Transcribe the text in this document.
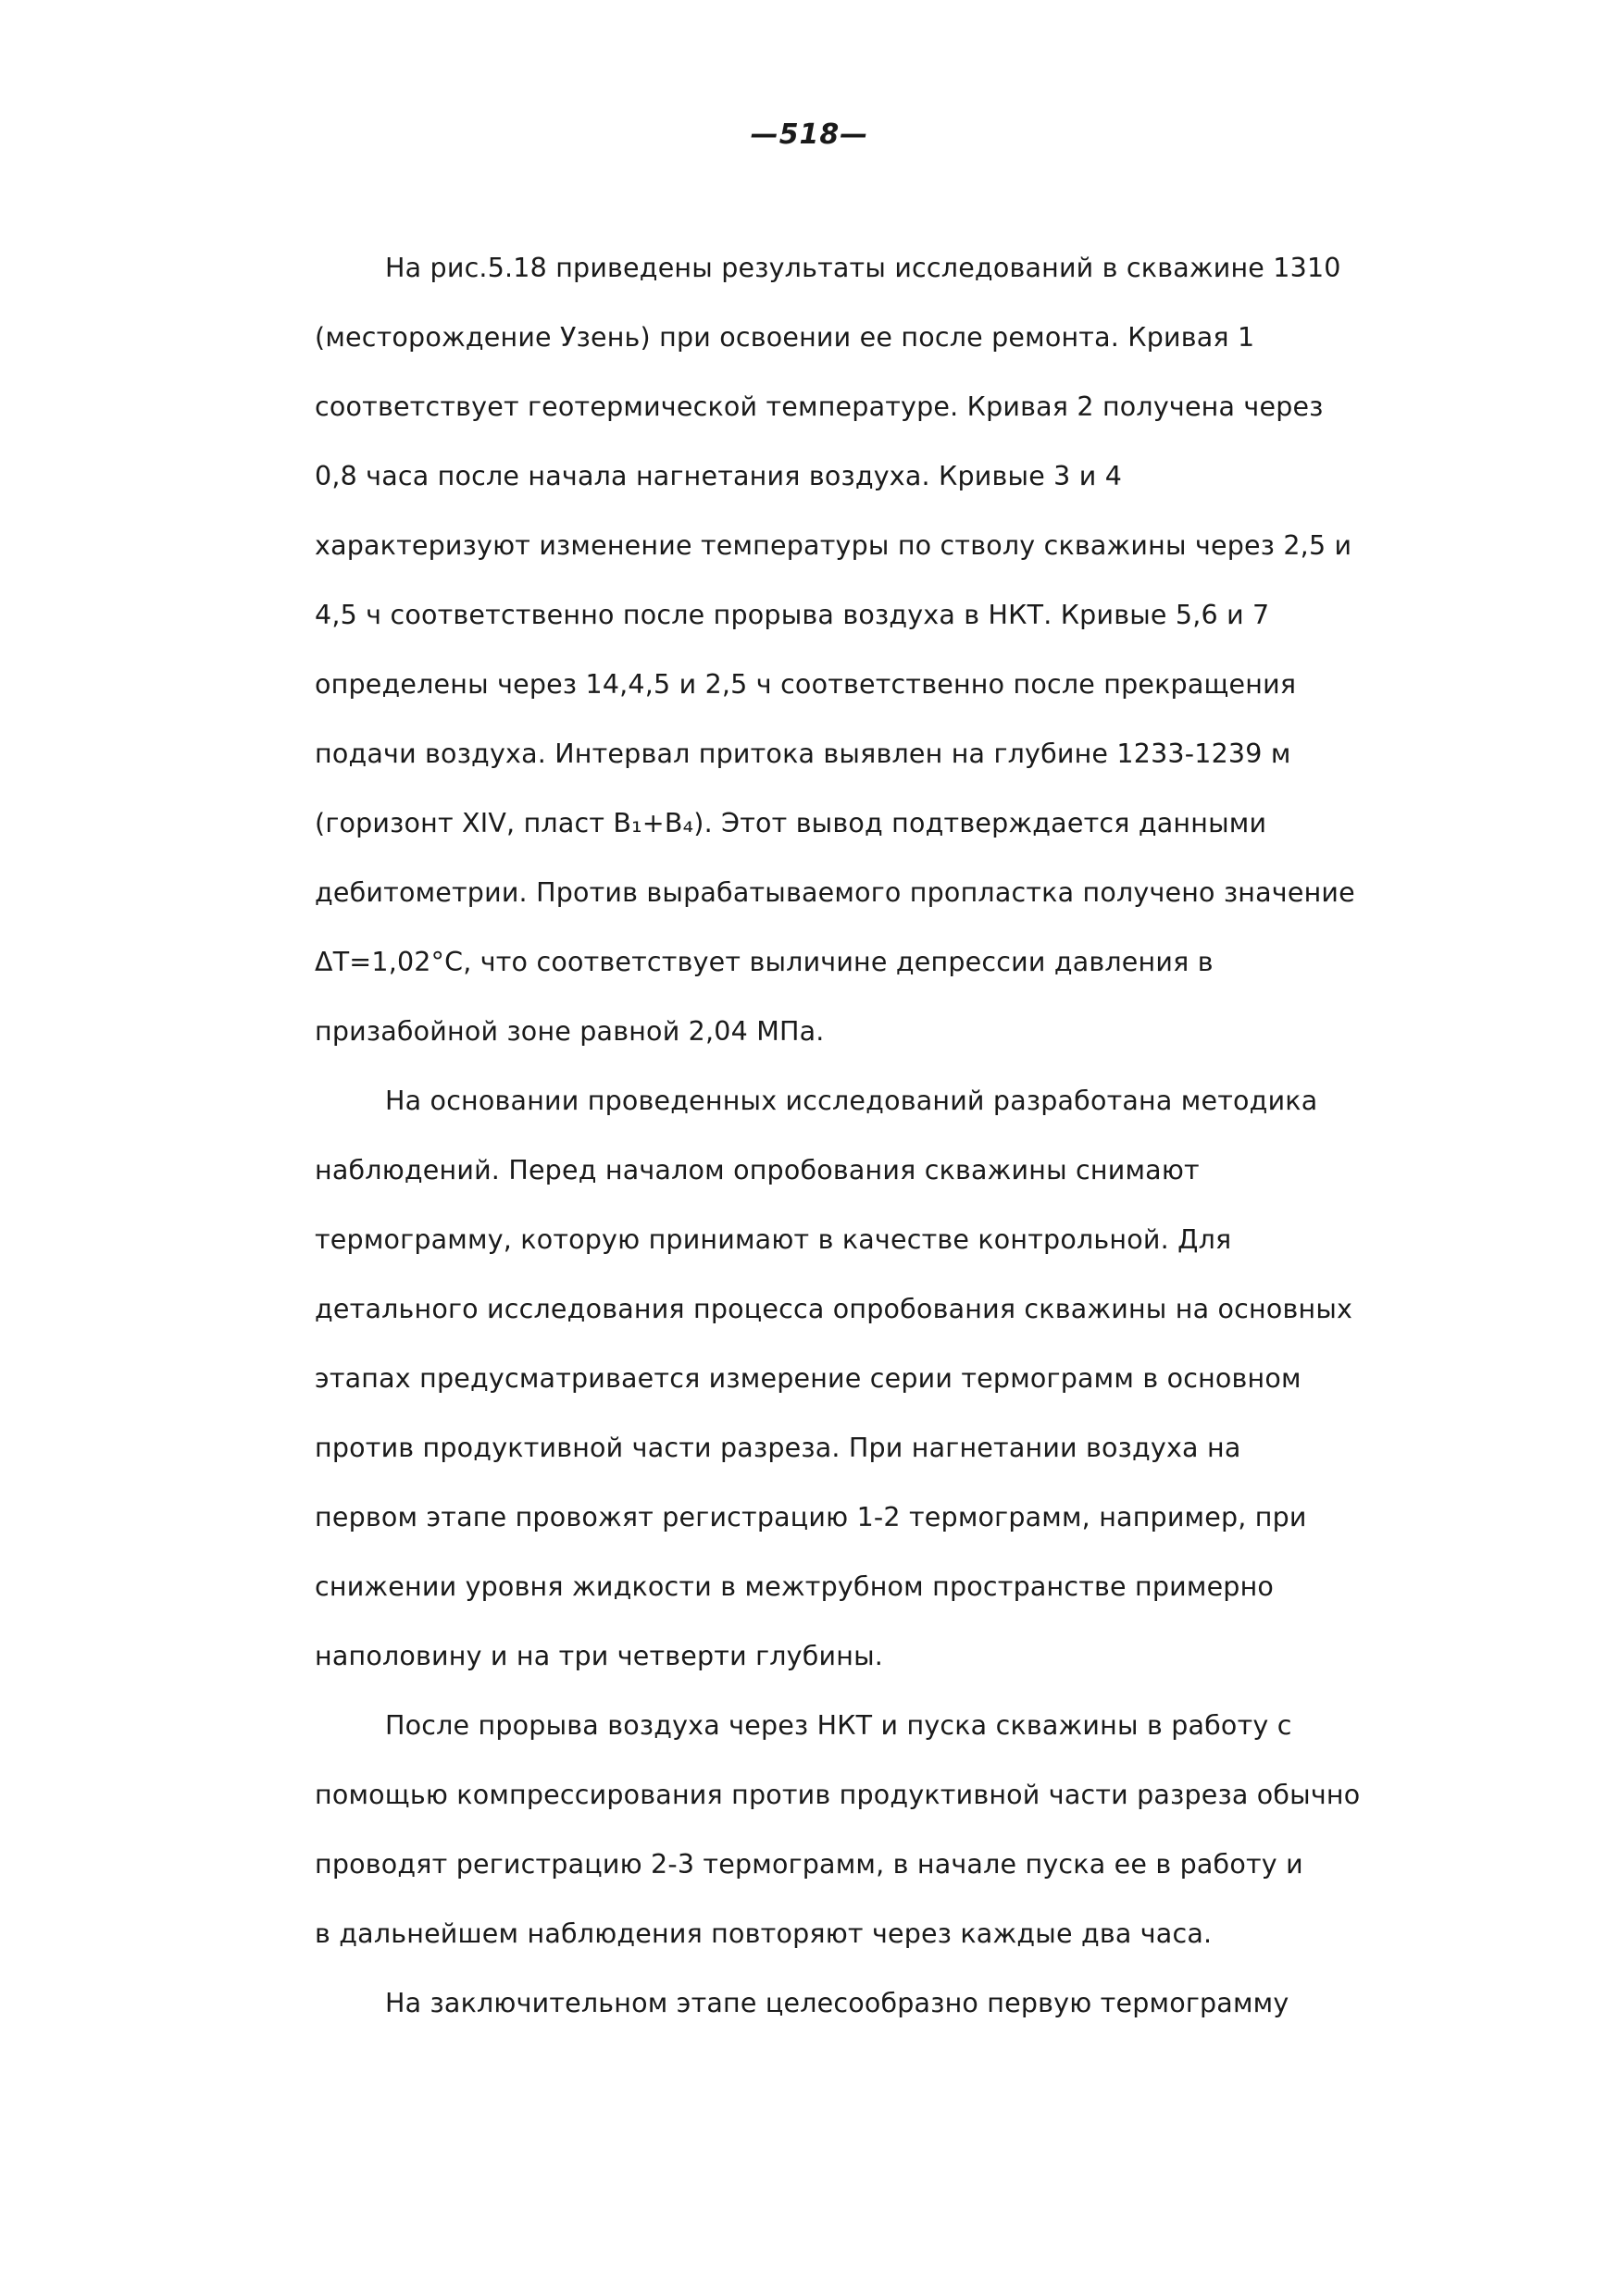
—518—
На рис.5.18 приведены результаты исследований в скважине 1310
(месторождение Узень) при освоении ее после ремонта. Кривая 1
соответствует геотермической температуре. Кривая 2 получена через
0,8 часа после начала нагнетания воздуха. Кривые 3 и 4
характеризуют изменение температуры по стволу скважины через 2,5 и
4,5 ч соответственно после прорыва воздуха в НКТ. Кривые 5,6 и 7
определены через 14,4,5 и 2,5 ч соответственно после прекращения
подачи воздуха. Интервал притока выявлен на глубине 1233-1239 м
(горизонт XIV, пласт B₁+B₄). Этот вывод подтверждается данными
дебитометрии. Против вырабатываемого пропластка получено значение
ΔT=1,02°C, что соответствует выличине депрессии давления в
призабойной зоне равной 2,04 МПа.
На основании проведенных исследований разработана методика
наблюдений. Перед началом опробования скважины снимают
термограмму, которую принимают в качестве контрольной. Для
детального исследования процесса опробования скважины на основных
этапах предусматривается измерение серии термограмм в основном
против продуктивной части разреза. При нагнетании воздуха на
первом этапе провожят регистрацию 1-2 термограмм, например, при
снижении уровня жидкости в межтрубном пространстве примерно
наполовину и на три четверти глубины.
После прорыва воздуха через НКТ и пуска скважины в работу с
помощью компрессирования против продуктивной части разреза обычно
проводят регистрацию 2-3 термограмм, в начале пуска ее в работу и
в дальнейшем наблюдения повторяют через каждые два часа.
На заключительном этапе целесообразно первую термограмму
